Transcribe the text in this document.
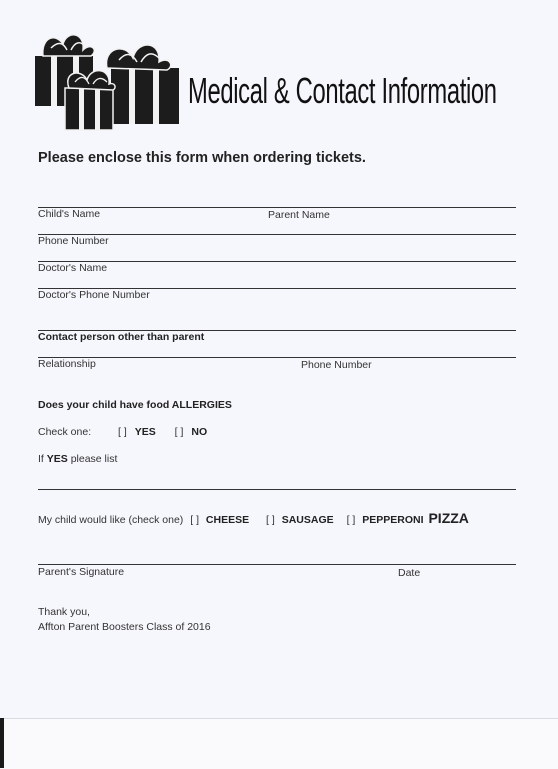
Medical & Contact Information
Please enclose this form when ordering tickets.
Child's Name	Parent Name
Phone Number
Doctor's Name
Doctor's Phone Number
Contact person other than parent
Relationship	Phone Number
Does your child have food ALLERGIES
Check one:	[ ] YES [ ] NO
If YES please list
My child would like (check one) [ ] CHEESE [ ] SAUSAGE [ ] PEPPERONI PIZZA
Parent's Signature	Date
Thank you,
Affton Parent Boosters Class of 2016
